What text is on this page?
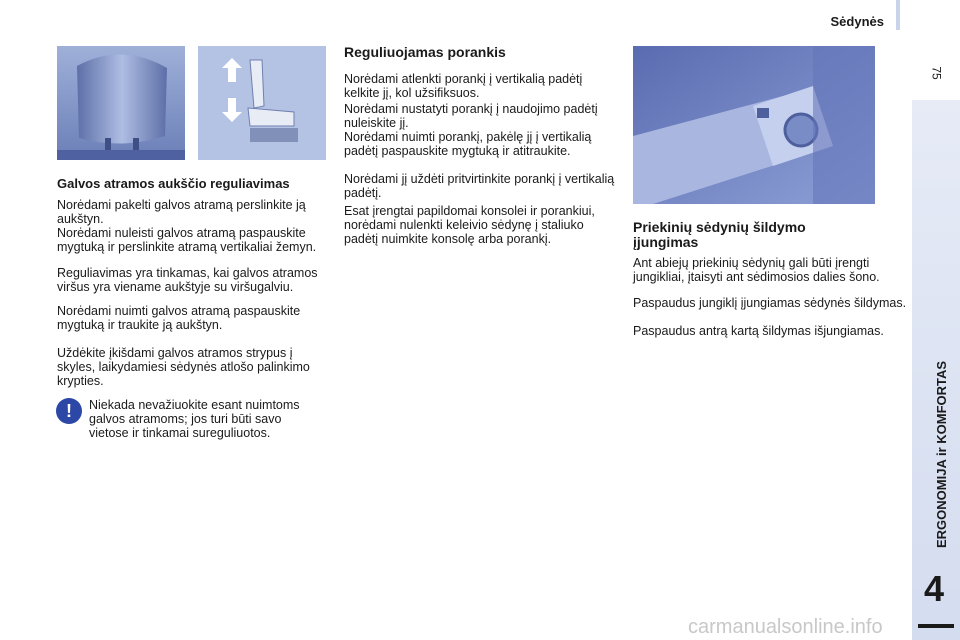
Sėdynės
75
ERGONOMIJA ir KOMFORTAS
4
Galvos atramos aukščio reguliavimas
Norėdami pakelti galvos atramą perslinkite ją aukštyn.
Norėdami nuleisti galvos atramą paspauskite mygtuką ir perslinkite atramą vertikaliai žemyn.
Reguliavimas yra tinkamas, kai galvos atramos viršus yra viename aukštyje su viršugalviu.
Norėdami nuimti galvos atramą paspauskite mygtuką ir traukite ją aukštyn.
Uždėkite įkišdami galvos atramos strypus į skyles, laikydamiesi sėdynės atlošo palinkimo krypties.
!	Niekada nevažiuokite esant nuimtoms galvos atramoms; jos turi būti savo vietose ir tinkamai sureguliuotos.
Reguliuojamas porankis
Norėdami atlenkti porankį į vertikalią padėtį kelkite jį, kol užsifiksuos.
Norėdami nustatyti porankį į naudojimo padėtį nuleiskite jį.
Norėdami nuimti porankį, pakėlę jį į vertikalią padėtį paspauskite mygtuką ir atitraukite.
Norėdami jį uždėti pritvirtinkite porankį į vertikalią padėtį.
Esat įrengtai papildomai konsolei ir porankiui, norėdami nulenkti keleivio sėdynę į staliuko padėtį nuimkite konsolę arba porankį.
Priekinių sėdynių šildymo įjungimas
Ant abiejų priekinių sėdynių gali būti įrengti jungikliai, įtaisyti ant sėdimosios dalies šono.
Paspaudus jungiklį įjungiamas sėdynės šildymas.
Paspaudus antrą kartą šildymas išjungiamas.
carmanualsonline.info
